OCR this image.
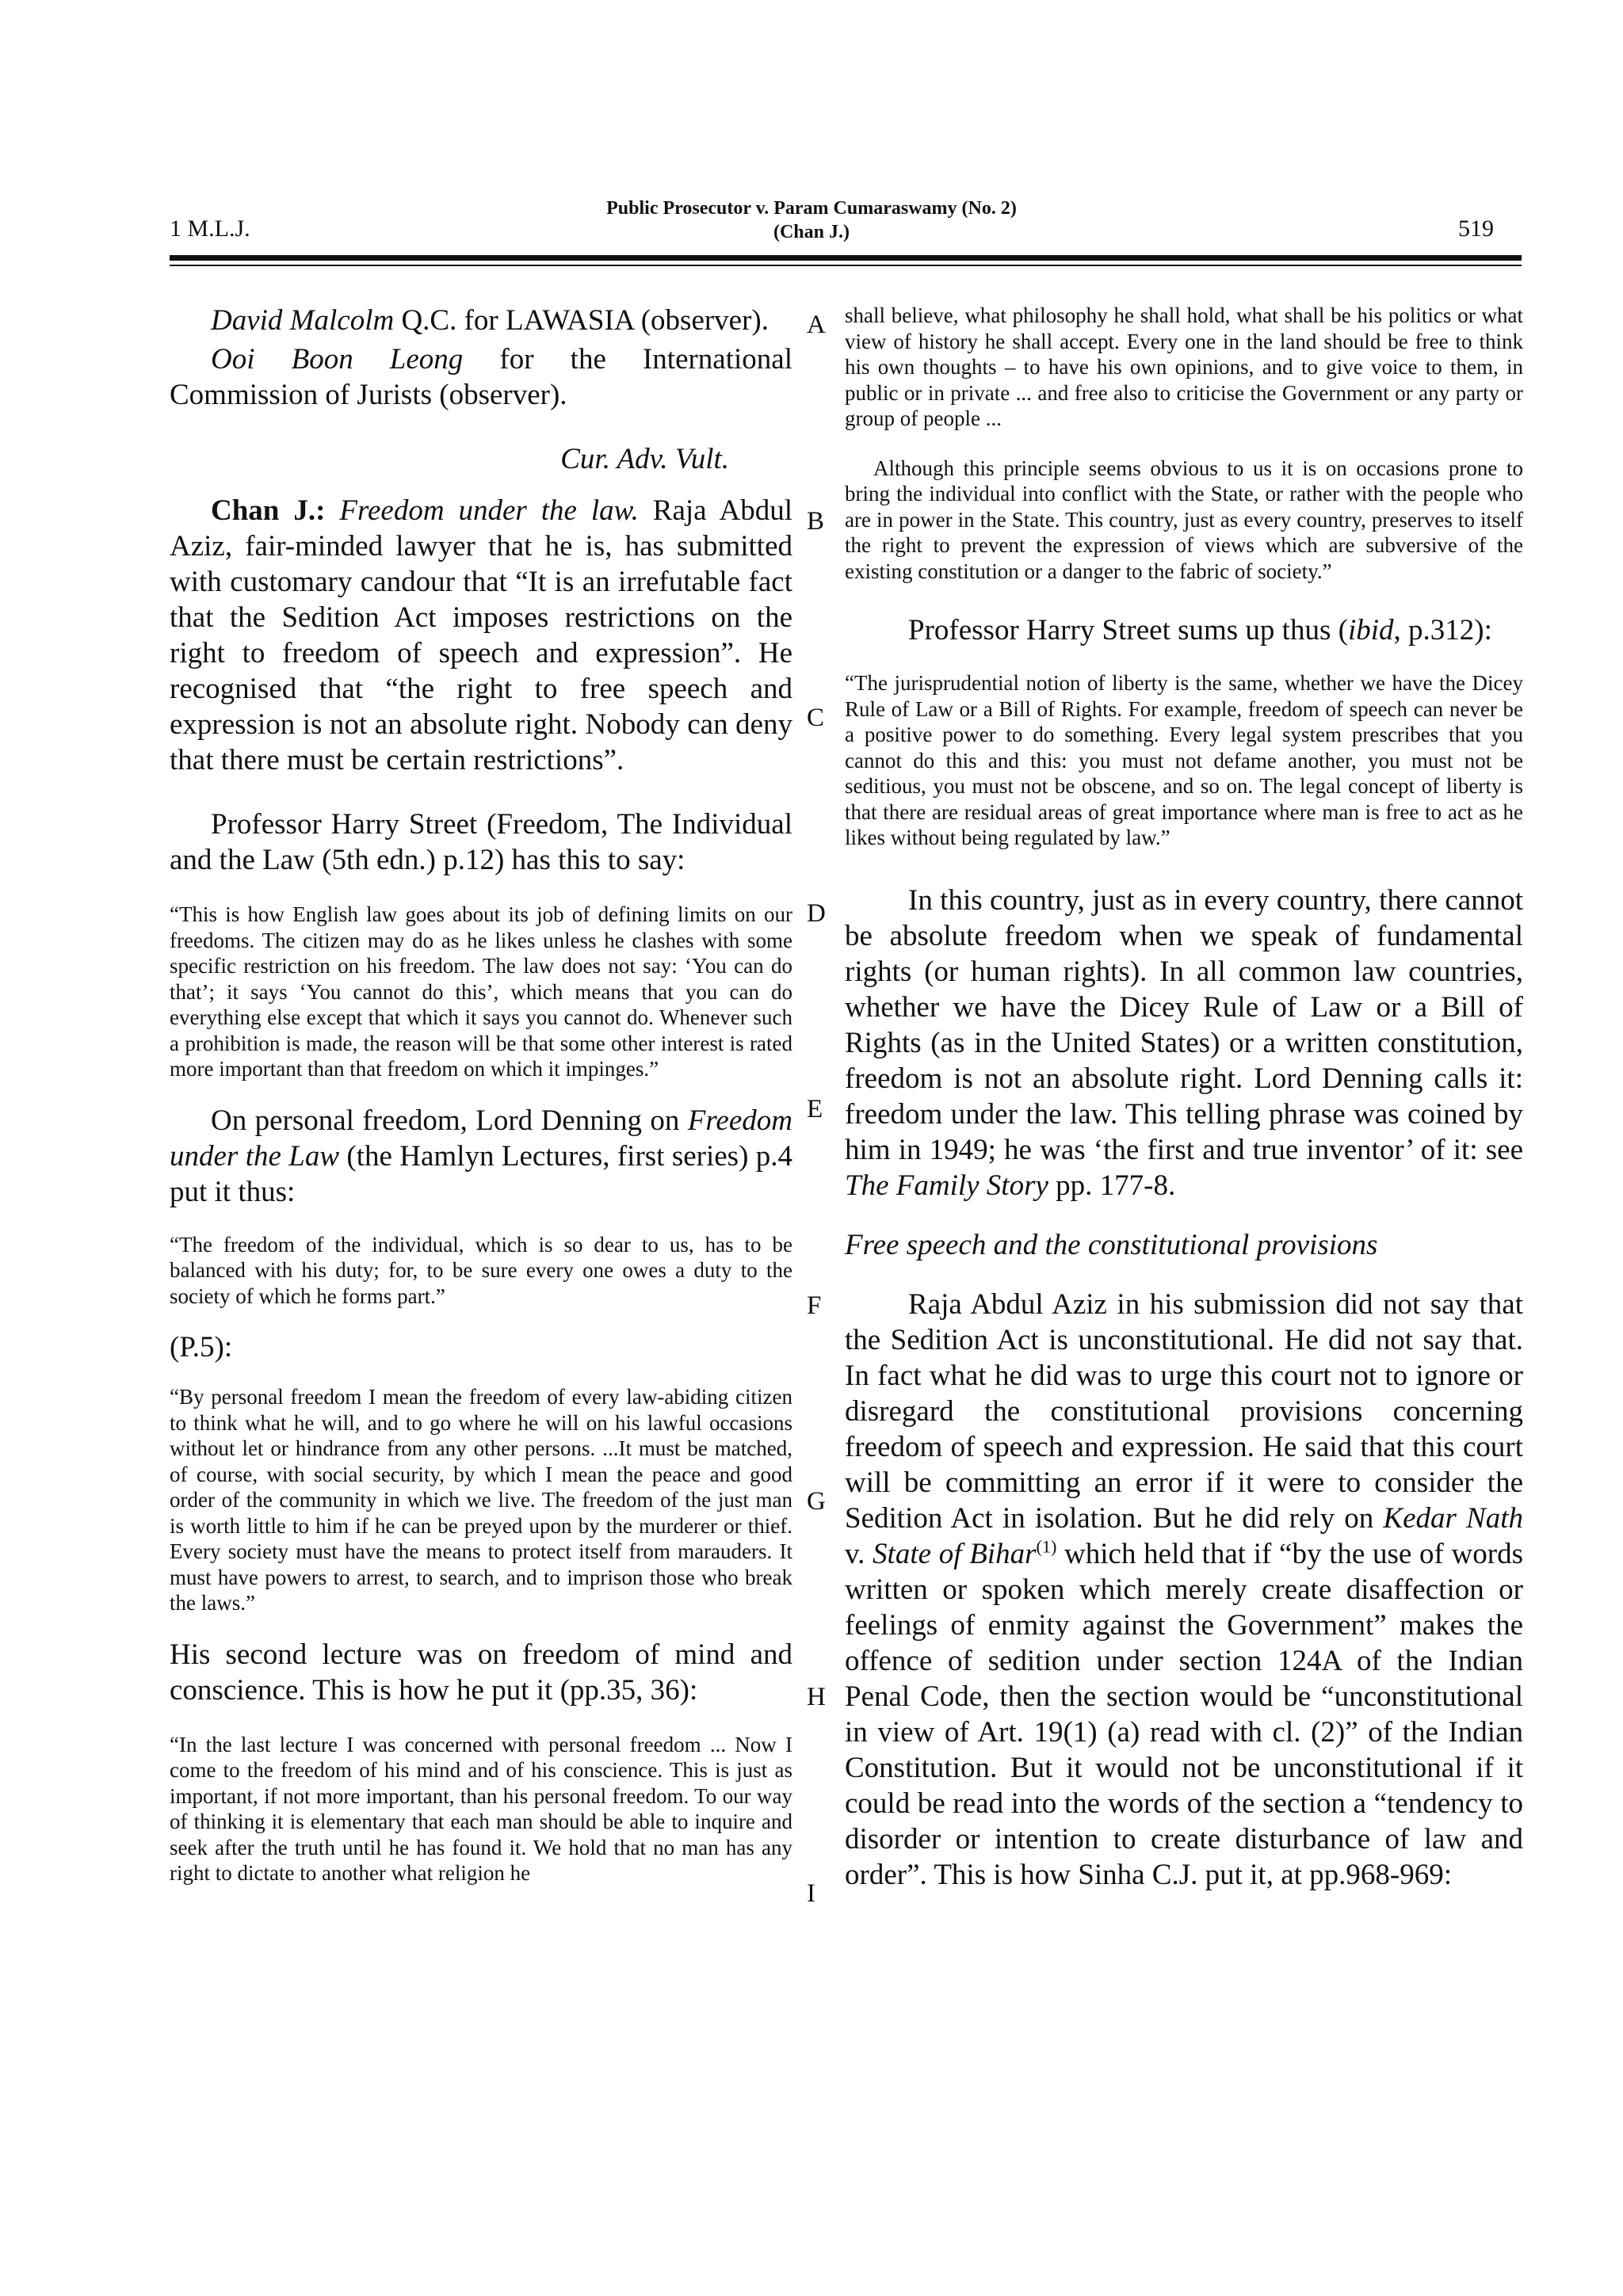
1 M.L.J.
Public Prosecutor v. Param Cumaraswamy (No. 2)
(Chan J.)	519
A
B
C
D
E
F
G
H
I

David Malcolm Q.C. for LAWASIA (observer).

Ooi Boon Leong for the International Commission of Jurists (observer).

Cur. Adv. Vult.

Chan J.: Freedom under the law. Raja Abdul Aziz, fair-minded lawyer that he is, has submitted with customary candour that “It is an irrefutable fact that the Sedition Act imposes restrictions on the right to freedom of speech and expression”. He recognised that “the right to free speech and expression is not an absolute right. Nobody can deny that there must be certain restrictions”.

Professor Harry Street (Freedom, The Individual and the Law (5th edn.) p.12) has this to say:

“This is how English law goes about its job of defining limits on our freedoms. The citizen may do as he likes unless he clashes with some specific restriction on his freedom. The law does not say: ‘You can do that’; it says ‘You cannot do this’, which means that you can do everything else except that which it says you cannot do. Whenever such a prohibition is made, the reason will be that some other interest is rated more important than that freedom on which it impinges.”

On personal freedom, Lord Denning on Freedom under the Law (the Hamlyn Lectures, first series) p.4 put it thus:

“The freedom of the individual, which is so dear to us, has to be balanced with his duty; for, to be sure every one owes a duty to the society of which he forms part.”

(P.5):

“By personal freedom I mean the freedom of every law-abiding citizen to think what he will, and to go where he will on his lawful occasions without let or hindrance from any other persons. ...It must be matched, of course, with social security, by which I mean the peace and good order of the community in which we live. The freedom of the just man is worth little to him if he can be preyed upon by the murderer or thief. Every society must have the means to protect itself from marauders. It must have powers to arrest, to search, and to imprison those who break the laws.”

His second lecture was on freedom of mind and conscience. This is how he put it (pp.35, 36):

“In the last lecture I was concerned with personal freedom ... Now I come to the freedom of his mind and of his conscience. This is just as important, if not more important, than his personal freedom. To our way of thinking it is elementary that each man should be able to inquire and seek after the truth until he has found it. We hold that no man has any right to dictate to another what religion he

shall believe, what philosophy he shall hold, what shall be his politics or what view of history he shall accept. Every one in the land should be free to think his own thoughts – to have his own opinions, and to give voice to them, in public or in private ... and free also to criticise the Government or any party or group of people ...

Although this principle seems obvious to us it is on occasions prone to bring the individual into conflict with the State, or rather with the people who are in power in the State. This country, just as every country, preserves to itself the right to prevent the expression of views which are subversive of the existing constitution or a danger to the fabric of society.”

Professor Harry Street sums up thus (ibid, p.312):

“The jurisprudential notion of liberty is the same, whether we have the Dicey Rule of Law or a Bill of Rights. For example, freedom of speech can never be a positive power to do something. Every legal system prescribes that you cannot do this and this: you must not defame another, you must not be seditious, you must not be obscene, and so on. The legal concept of liberty is that there are residual areas of great importance where man is free to act as he likes without being regulated by law.”

In this country, just as in every country, there cannot be absolute freedom when we speak of fundamental rights (or human rights). In all common law countries, whether we have the Dicey Rule of Law or a Bill of Rights (as in the United States) or a written constitution, freedom is not an absolute right. Lord Denning calls it: freedom under the law. This telling phrase was coined by him in 1949; he was ‘the first and true inventor’ of it: see The Family Story pp. 177-8.

Free speech and the constitutional provisions

Raja Abdul Aziz in his submission did not say that the Sedition Act is unconstitutional. He did not say that. In fact what he did was to urge this court not to ignore or disregard the constitutional provisions concerning freedom of speech and expression. He said that this court will be committing an error if it were to consider the Sedition Act in isolation. But he did rely on Kedar Nath v. State of Bihar$^{(1)}$ which held that if “by the use of words written or spoken which merely create disaffection or feelings of enmity against the Government” makes the offence of sedition under section 124A of the Indian Penal Code, then the section would be “unconstitutional in view of Art. 19(1) (a) read with cl. (2)” of the Indian Constitution. But it would not be unconstitutional if it could be read into the words of the section a “tendency to disorder or intention to create disturbance of law and order”. This is how Sinha C.J. put it, at pp.968-969:
